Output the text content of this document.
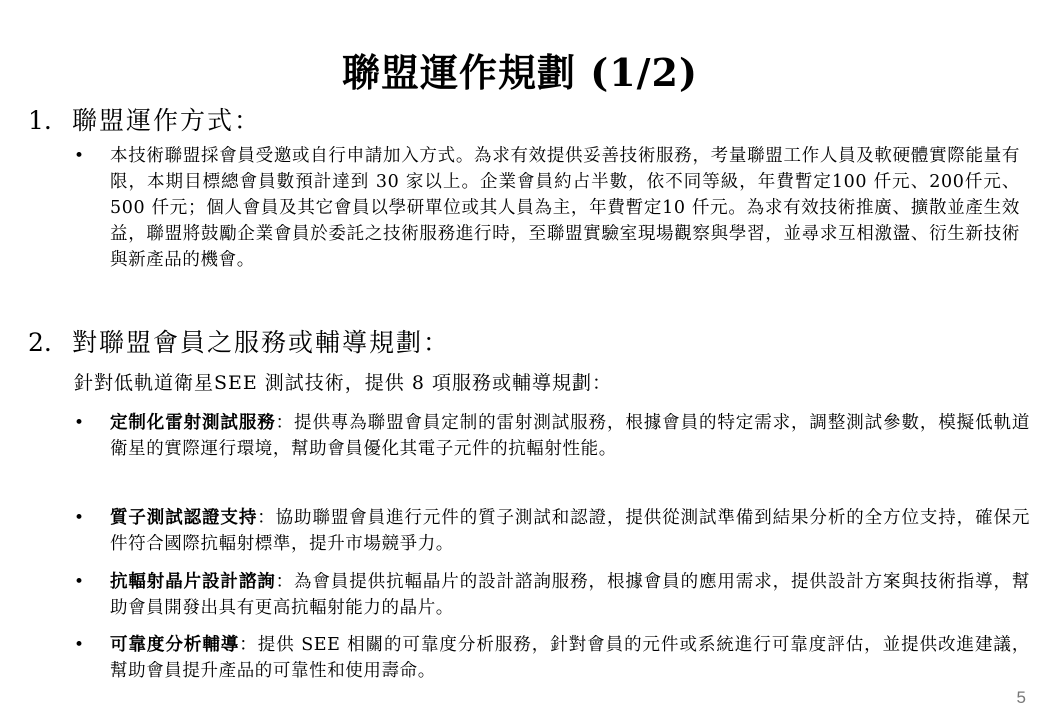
聯盟運作規劃 (1/2)
1. 聯盟運作方式：
•	本技術聯盟採會員受邀或自行申請加入方式。為求有效提供妥善技術服務，考量聯盟工作人員及軟硬體實際能量有限，本期目標總會員數預計達到 30 家以上。企業會員約占半數，依不同等級，年費暫定100 仟元、200仟元、500 仟元；個人會員及其它會員以學研單位或其人員為主，年費暫定10 仟元。為求有效技術推廣、擴散並產生效益，聯盟將鼓勵企業會員於委託之技術服務進行時，至聯盟實驗室現場觀察與學習，並尋求互相激盪、衍生新技術與新產品的機會。
2. 對聯盟會員之服務或輔導規劃：
針對低軌道衛星SEE 測試技術，提供 8 項服務或輔導規劃：
•	定制化雷射測試服務：提供專為聯盟會員定制的雷射測試服務，根據會員的特定需求，調整測試參數，模擬低軌道衛星的實際運行環境，幫助會員優化其電子元件的抗輻射性能。
•	質子測試認證支持：協助聯盟會員進行元件的質子測試和認證，提供從測試準備到結果分析的全方位支持，確保元件符合國際抗輻射標準，提升市場競爭力。
•	抗輻射晶片設計諮詢：為會員提供抗輻晶片的設計諮詢服務，根據會員的應用需求，提供設計方案與技術指導，幫助會員開發出具有更高抗輻射能力的晶片。
•	可靠度分析輔導：提供 SEE 相關的可靠度分析服務，針對會員的元件或系統進行可靠度評估，並提供改進建議，幫助會員提升產品的可靠性和使用壽命。
5
